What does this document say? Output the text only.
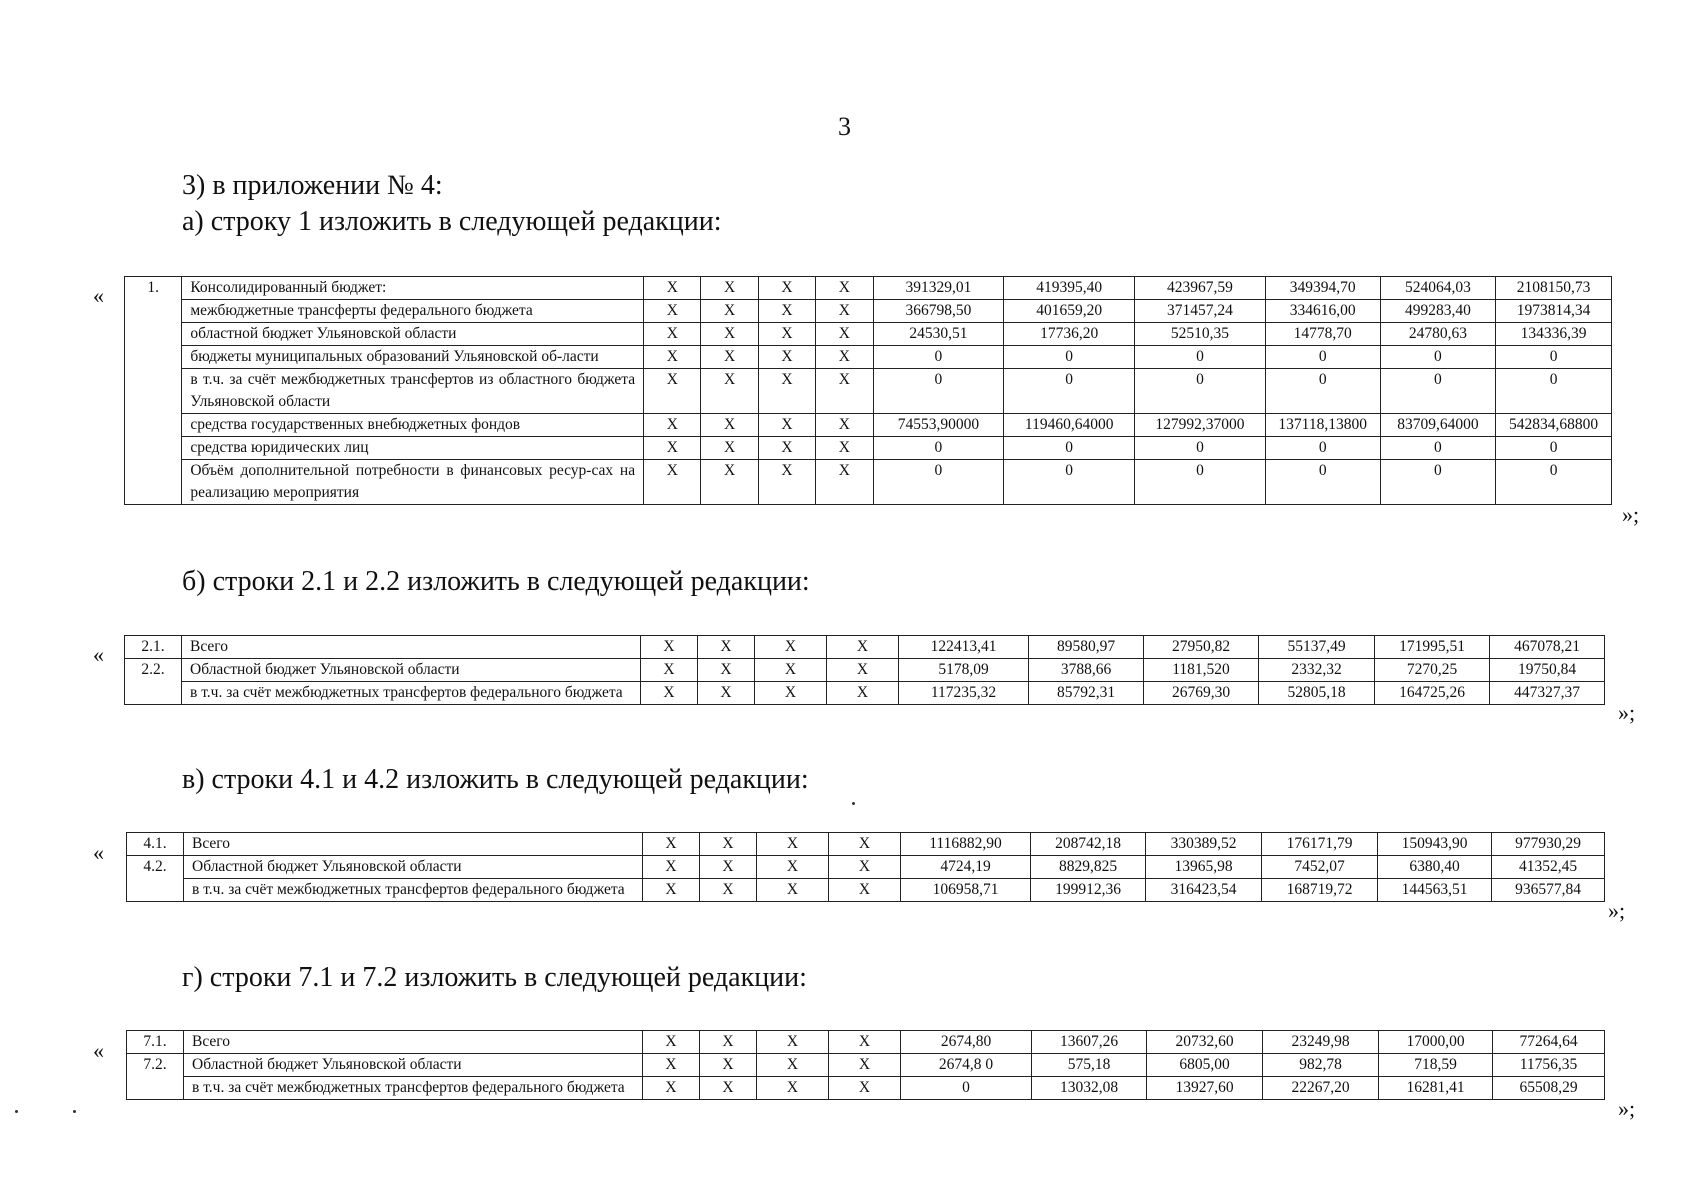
3
3) в приложении № 4:
а) строку 1 изложить в следующей редакции:
б) строки 2.1 и 2.2 изложить в следующей редакции:
в) строки 4.1 и 4.2 изложить в следующей редакции:
г) строки 7.1 и 7.2 изложить в следующей редакции:
«
»;
«
»;
«
»;
«
»;
1.	Консолидированный бюджет:	X	X	X	X	391329,01	419395,40	423967,59	349394,70	524064,03	2108150,73
	межбюджетные трансферты федерального бюджета	X	X	X	X	366798,50	401659,20	371457,24	334616,00	499283,40	1973814,34
	областной бюджет Ульяновской области	X	X	X	X	24530,51	17736,20	52510,35	14778,70	24780,63	134336,39
	бюджеты муниципальных образований Ульяновской об-ласти	X	X	X	X	0	0	0	0	0	0
	в т.ч. за счёт межбюджетных трансфертов из областного бюджета Ульяновской области	X	X	X	X	0	0	0	0	0	0
	средства государственных внебюджетных фондов	X	X	X	X	74553,90000	119460,64000	127992,37000	137118,13800	83709,64000	542834,68800
	средства юридических лиц	X	X	X	X	0	0	0	0	0	0
	Объём дополнительной потребности в финансовых ресур-сах на реализацию мероприятия	X	X	X	X	0	0	0	0	0	0
2.1.	Всего	X	X	X	X	122413,41	89580,97	27950,82	55137,49	171995,51	467078,21
2.2.	Областной бюджет Ульяновской области	X	X	X	X	5178,09	3788,66	1181,520	2332,32	7270,25	19750,84
	в т.ч. за счёт межбюджетных трансфертов федерального бюджета	X	X	X	X	117235,32	85792,31	26769,30	52805,18	164725,26	447327,37
4.1.	Всего	X	X	X	X	1116882,90	208742,18	330389,52	176171,79	150943,90	977930,29
4.2.	Областной бюджет Ульяновской области	X	X	X	X	4724,19	8829,825	13965,98	7452,07	6380,40	41352,45
	в т.ч. за счёт межбюджетных трансфертов федерального бюджета	X	X	X	X	106958,71	199912,36	316423,54	168719,72	144563,51	936577,84
7.1.	Всего	X	X	X	X	2674,80	13607,26	20732,60	23249,98	17000,00	77264,64
7.2.	Областной бюджет Ульяновской области	X	X	X	X	2674,8 0	575,18	6805,00	982,78	718,59	11756,35
	в т.ч. за счёт межбюджетных трансфертов федерального бюджета	X	X	X	X	0	13032,08	13927,60	22267,20	16281,41	65508,29
